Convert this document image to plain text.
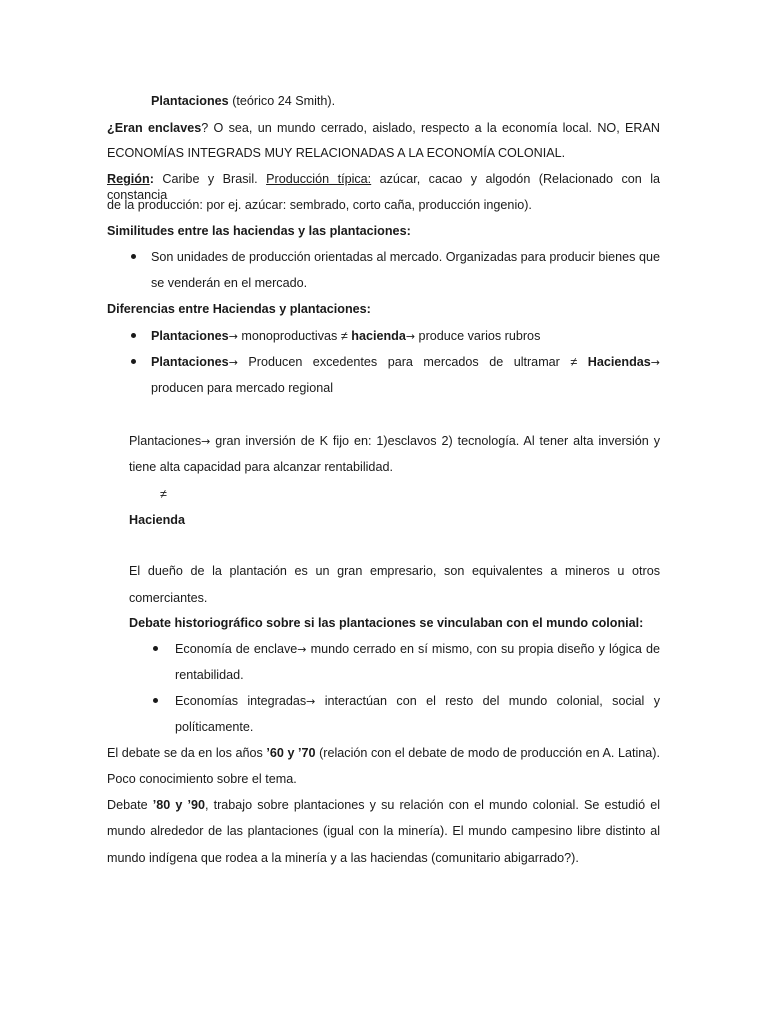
Plantaciones (teórico 24 Smith).
¿Eran enclaves? O sea, un mundo cerrado, aislado, respecto a la economía local. NO, ERAN
ECONOMÍAS INTEGRADS MUY RELACIONADAS A LA ECONOMÍA COLONIAL.
Región: Caribe y Brasil. Producción típica: azúcar, cacao y algodón (Relacionado con la constancia
de la producción: por ej. azúcar: sembrado, corto caña, producción ingenio).
Similitudes entre las haciendas y las plantaciones:
Son unidades de producción orientadas al mercado. Organizadas para producir bienes que
se venderán en el mercado.
Diferencias entre Haciendas y plantaciones:
Plantaciones→ monoproductivas ≠ hacienda→ produce varios rubros
Plantaciones→ Producen excedentes para mercados de ultramar ≠ Haciendas→
producen para mercado regional
Plantaciones→ gran inversión de K fijo en: 1)esclavos 2) tecnología. Al tener alta inversión y
tiene alta capacidad para alcanzar rentabilidad.
≠
Hacienda
El dueño de la plantación es un gran empresario, son equivalentes a mineros u otros
comerciantes.
Debate historiográfico sobre si las plantaciones se vinculaban con el mundo colonial:
Economía de enclave→ mundo cerrado en sí mismo, con su propia diseño y lógica de
rentabilidad.
Economías integradas→ interactúan con el resto del mundo colonial, social y
políticamente.
El debate se da en los años ’60 y ’70 (relación con el debate de modo de producción en A. Latina).
Poco conocimiento sobre el tema.
Debate ’80 y ’90, trabajo sobre plantaciones y su relación con el mundo colonial. Se estudió el
mundo alrededor de las plantaciones (igual con la minería). El mundo campesino libre distinto al
mundo indígena que rodea a la minería y a las haciendas (comunitario abigarrado?).
